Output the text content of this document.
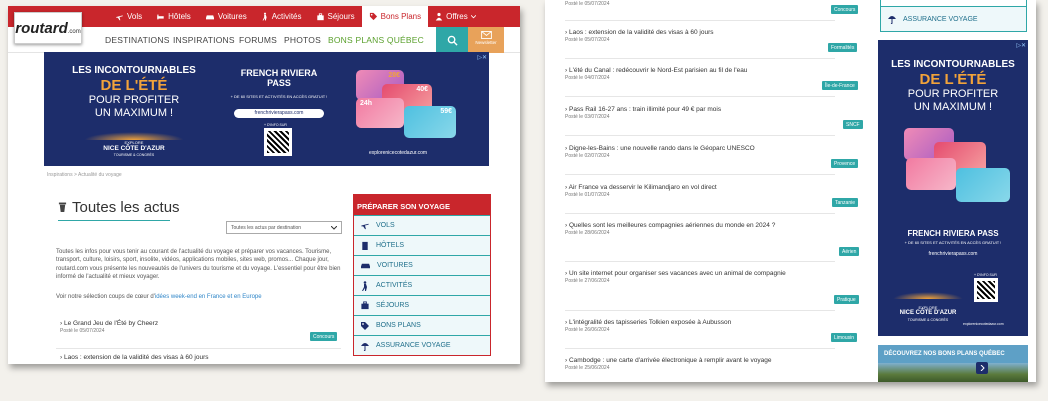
Vols	Hôtels	Voitures	Activités	Séjours	Bons Plans	Offres
DESTINATIONS INSPIRATIONS FORUMS PHOTOS BONS PLANS QUÉBEC	Newsletter
routard .com
LES INCONTOURNABLES
DE L'ÉTÉ
POUR PROFITER
UN MAXIMUM !
EXPLORE
NICE CÔTE D'AZUR
TOURISME & CONGRÈS
FRENCH RIVIERA PASS
+ DE 60 SITES ET ACTIVITÉS EN ACCÈS GRATUIT !
frenchrivierapass.com
+ D'INFO SUR
28€
40€
24h
59€
explorenicecotedazur.com
▷✕
Inspirations > Actualité du voyage
Toutes les actus
Toutes les actus par destination
Toutes les infos pour vous tenir au courant de l'actualité du voyage et préparer vos vacances. Tourisme, transport, culture, loisirs, sport, insolite, vidéos, applications mobiles, sites web, promos... Chaque jour, routard.com vous présente les nouveautés de l'univers du tourisme et du voyage. L'essentiel pour être bien informé de l'actualité et mieux voyager.
Voir notre sélection coups de cœur d'idées week-end en France et en Europe
› Le Grand Jeu de l'Été by Cheerz
Posté le 05/07/2024
Concours
› Laos : extension de la validité des visas à 60 jours
PRÉPARER SON VOYAGE
VOLS
HÔTELS
VOITURES
ACTIVITÉS
SÉJOURS
BONS PLANS
ASSURANCE VOYAGE
Posté le 05/07/2024
Concours
› Laos : extension de la validité des visas à 60 jours
Posté le 05/07/2024
Formalités
› L'été du Canal : redécouvrir le Nord-Est parisien au fil de l'eau
Posté le 04/07/2024
Île-de-France
› Pass Rail 16-27 ans : train illimité pour 49 € par mois
Posté le 03/07/2024
SNCF
› Digne-les-Bains : une nouvelle rando dans le Géoparc UNESCO
Posté le 02/07/2024
Provence
› Air France va desservir le Kilimandjaro en vol direct
Posté le 01/07/2024
Tanzanie
› Quelles sont les meilleures compagnies aériennes du monde en 2024 ?
Posté le 28/06/2024
Aérien
› Un site internet pour organiser ses vacances avec un animal de compagnie
Posté le 27/06/2024
Pratique
› L'intégralité des tapisseries Tolkien exposée à Aubusson
Posté le 26/06/2024
Limousin
› Cambodge : une carte d'arrivée électronique à remplir avant le voyage
Posté le 25/06/2024
ASSURANCE VOYAGE
LES INCONTOURNABLES
DE L'ÉTÉ
POUR PROFITER
UN MAXIMUM !
FRENCH RIVIERA PASS
+ DE 60 SITES ET ACTIVITÉS EN ACCÈS GRATUIT !
frenchrivierapass.com
+ D'INFO SUR
EXPLORE
NICE CÔTE D'AZUR
TOURISME & CONGRÈS
explorenicecotedazur.com
▷✕
DÉCOUVREZ NOS BONS PLANS QUÉBEC
